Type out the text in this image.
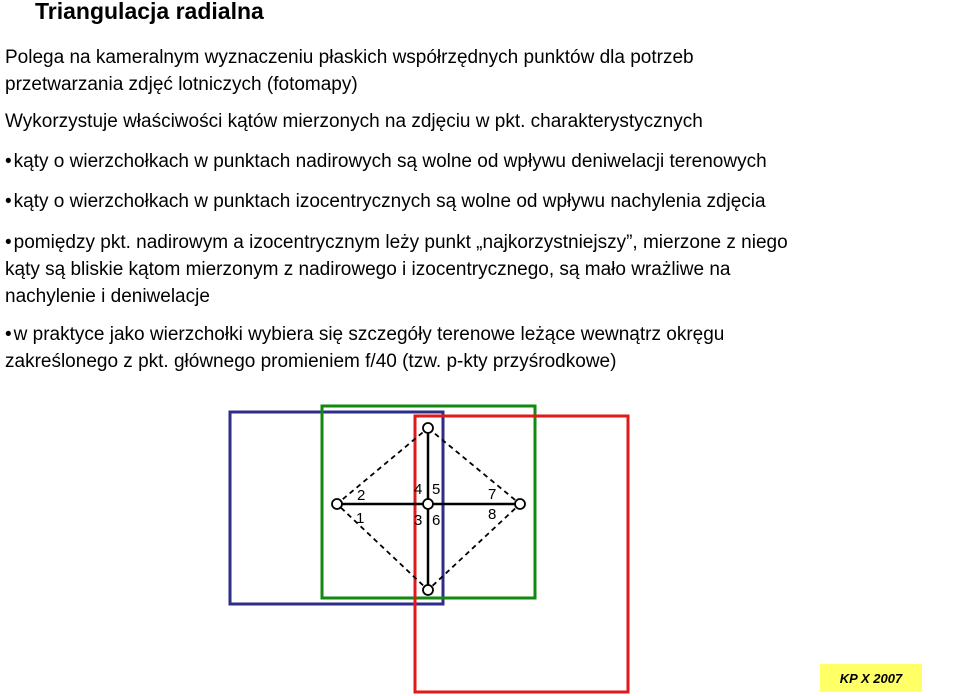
Triangulacja radialna
Polega na kameralnym wyznaczeniu płaskich współrzędnych punktów dla potrzeb
przetwarzania zdjęć lotniczych (fotomapy)
Wykorzystuje właściwości kątów mierzonych na zdjęciu w pkt. charakterystycznych
• kąty o wierzchołkach w punktach nadirowych są wolne od wpływu deniwelacji terenowych
• kąty o wierzchołkach w punktach izocentrycznych są wolne od wpływu nachylenia zdjęcia
• pomiędzy pkt. nadirowym a izocentrycznym leży punkt „najkorzystniejszy”, mierzone z niego
kąty są bliskie kątom mierzonym z nadirowego i izocentrycznego, są mało wrażliwe na
nachylenie i deniwelacje
• w praktyce jako wierzchołki wybiera się szczegóły terenowe leżące wewnątrz okręgu
zakreślonego z pkt. głównego promieniem f/40 (tzw. p-kty przyśrodkowe)
2
1
4 5
3 6
7
8
KP X 2007
